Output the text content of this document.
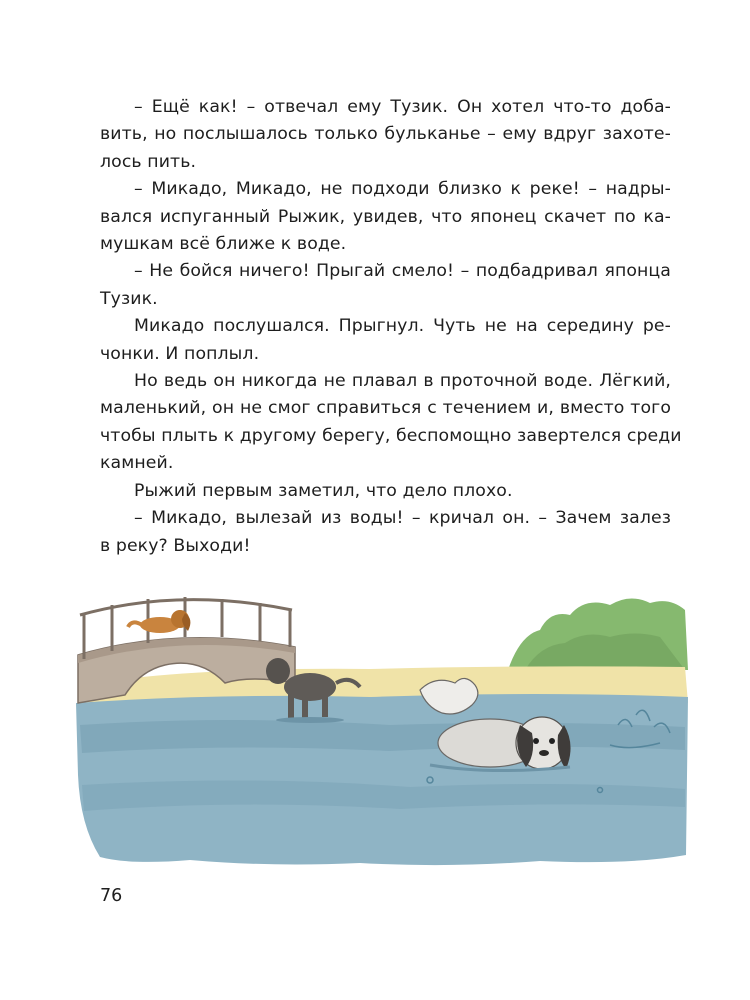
– Ещё как! – отвечал ему Тузик. Он хотел что-то доба-
вить, но послышалось только бульканье – ему вдруг захоте-
лось пить.

– Микадо, Микадо, не подходи близко к реке! – надры-
вался испуганный Рыжик, увидев, что японец скачет по ка-
мушкам всё ближе к воде.

– Не бойся ничего! Прыгай смело! – подбадривал японца
Тузик.

Микадо послушался. Прыгнул. Чуть не на середину ре-
чонки. И поплыл.

Но ведь он никогда не плавал в проточной воде. Лёгкий,
маленький, он не смог справиться с течением и, вместо того
чтобы плыть к другому берегу, беспомощно завертелся среди
камней.

Рыжий первым заметил, что дело плохо.

– Микадо, вылезай из воды! – кричал он. – Зачем залез
в реку? Выходи!

76
